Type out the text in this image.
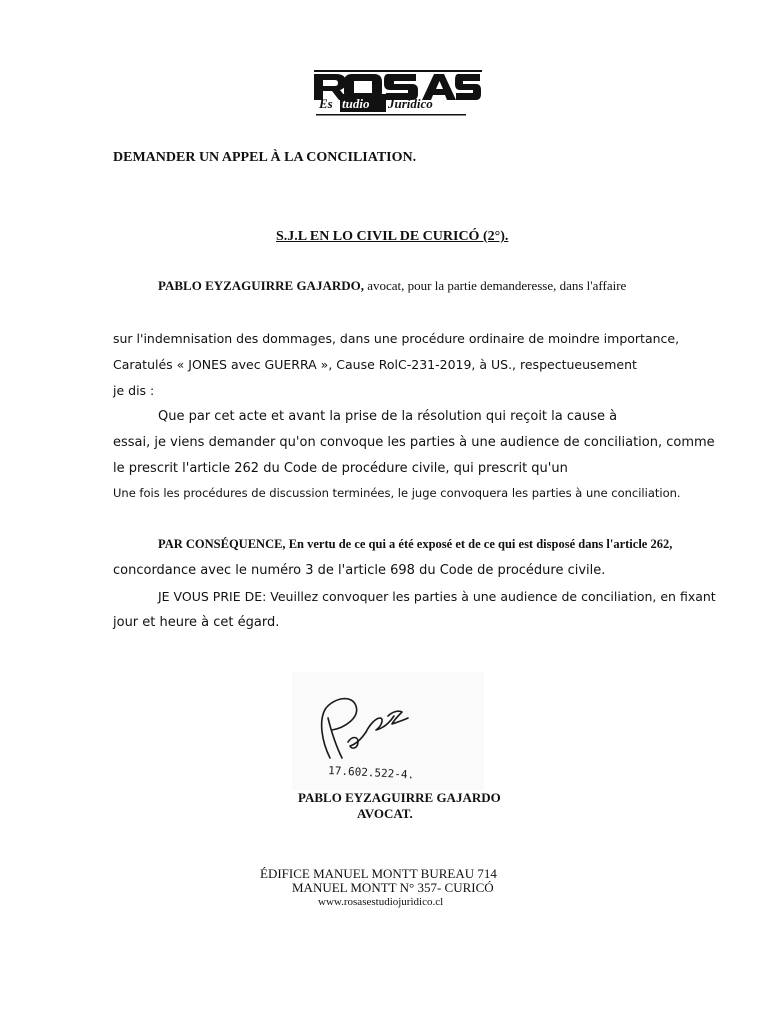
Es tudio Juridico
DEMANDER UN APPEL À LA CONCILIATION.
S.J.L EN LO CIVIL DE CURICÓ (2°).
PABLO EYZAGUIRRE GAJARDO, avocat, pour la partie demanderesse, dans l'affaire
sur l'indemnisation des dommages, dans une procédure ordinaire de moindre importance,
Caratulés « JONES avec GUERRA », Cause RolC-231-2019, à US., respectueusement
je dis :
Que par cet acte et avant la prise de la résolution qui reçoit la cause à
essai, je viens demander qu'on convoque les parties à une audience de conciliation, comme
le prescrit l'article 262 du Code de procédure civile, qui prescrit qu'un
Une fois les procédures de discussion terminées, le juge convoquera les parties à une conciliation.
PAR CONSÉQUENCE, En vertu de ce qui a été exposé et de ce qui est disposé dans l'article 262,
concordance avec le numéro 3 de l'article 698 du Code de procédure civile.
JE VOUS PRIE DE: Veuillez convoquer les parties à une audience de conciliation, en fixant
jour et heure à cet égard.
17.602.522-4.
PABLO EYZAGUIRRE GAJARDO
AVOCAT.
ÉDIFICE MANUEL MONTT BUREAU 714
MANUEL MONTT N° 357- CURICÓ
www.rosasestudiojuridico.cl
